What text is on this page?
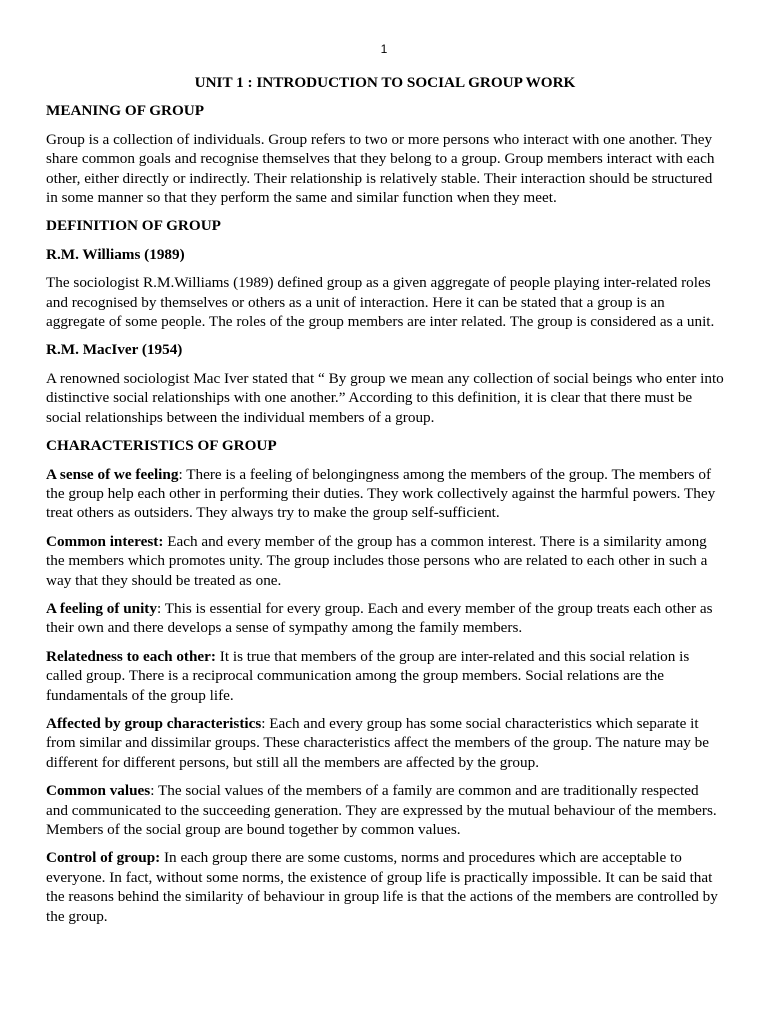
1
UNIT 1 : INTRODUCTION TO SOCIAL GROUP WORK
MEANING OF GROUP

Group is a collection of individuals. Group refers to two or more persons who interact with one another. They share common goals and recognise themselves that they belong to a group. Group members interact with each other, either directly or indirectly. Their relationship is relatively stable. Their interaction should be structured in some manner so that they perform the same and similar function when they meet.

DEFINITION OF GROUP
R.M. Williams (1989)

The sociologist R.M.Williams (1989) defined group as a given aggregate of people playing inter-related roles and recognised by themselves or others as a unit of interaction. Here it can be stated that a group is an aggregate of some people. The roles of the group members are inter related. The group is considered as a unit.

R.M. MacIver (1954)

A renowned sociologist Mac Iver stated that “ By group we mean any collection of social beings who enter into distinctive social relationships with one another.” According to this definition, it is clear that there must be social relationships between the individual members of a group.

CHARACTERISTICS OF GROUP

A sense of we feeling: There is a feeling of belongingness among the members of the group. The members of the group help each other in performing their duties. They work collectively against the harmful powers. They treat others as outsiders. They always try to make the group self-sufficient.

Common interest: Each and every member of the group has a common interest. There is a similarity among the members which promotes unity. The group includes those persons who are related to each other in such a way that they should be treated as one.

A feeling of unity: This is essential for every group. Each and every member of the group treats each other as their own and there develops a sense of sympathy among the family members.

Relatedness to each other: It is true that members of the group are inter-related and this social relation is called group. There is a reciprocal communication among the group members. Social relations are the fundamentals of the group life.

Affected by group characteristics: Each and every group has some social characteristics which separate it from similar and dissimilar groups. These characteristics affect the members of the group. The nature may be different for different persons, but still all the members are affected by the group.

Common values: The social values of the members of a family are common and are traditionally respected and communicated to the succeeding generation. They are expressed by the mutual behaviour of the members. Members of the social group are bound together by common values.

Control of group: In each group there are some customs, norms and procedures which are acceptable to everyone. In fact, without some norms, the existence of group life is practically impossible. It can be said that the reasons behind the similarity of behaviour in group life is that the actions of the members are controlled by the group.
